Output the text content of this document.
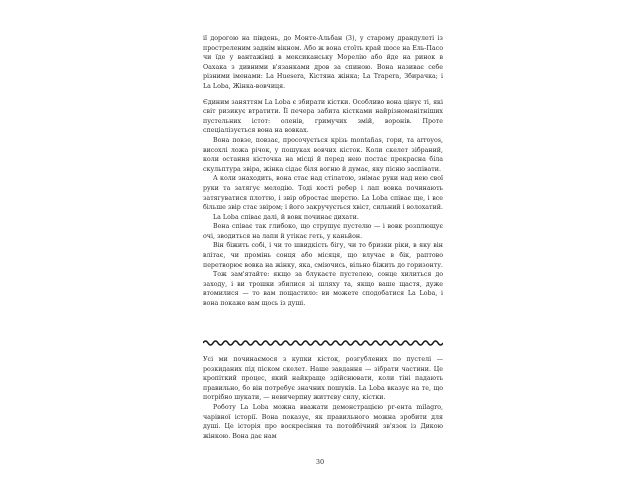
ії дорогою на південь, до Монте-Альбан (3), у старому драндулеті із простреленим заднім вікном. Або ж вона стоїть край шосе на Ель-Пасо чи їде у вантажівці в мексиканську Морелію або йде на ринок в Оахака з дивними в'язанками дров за спиною. Вона називає себе різними іменами: La Huesera, Кістяна жінка; La Trapera, Збирачка; і La Loba, Жінка-вовчиця.

Єдиним заняттям La Loba є збирати кістки. Особливо вона цінує ті, які світ ризикує втратити. Її печера забита кістками найрізноманітніших пустельних істот: оленів, гримучих змій, воронів. Проте спеціалізується вона на вовках.

Вона повзе, повзає, просочується крізь montañas, гори, та arroyos, висохлі ложа річок, у пошуках вовчих кісток. Коли скелет зібраний, коли остання кісточка на місці й перед нею постає прекрасна біла скульптура звіра, жінка сідає біля вогню й думає, яку пісню заспівати.

А коли знаходить, вона стає над стілатою, знімає руки над нею свої руки та затягує мелодію. Тоді кості ребер і лап вовка починають затягуватися плоттю, і звір обростає шерстю. La Loba співає ще, і все більше звір стає звіром; і його закручується хвіст, сильний і волохатий.

La Loba співає далі, й вовк починає дихати.

Вона співає так глибоко, що струшує пустелю — і вовк розплющує очі, зводиться на лапи й утікає геть, у каньйон.

Він біжить собі, і чи то швидкість бігу, чи то бризки ріки, в яку він влітає, чи промінь сонця або місяця, що влучає в бік, раптово перетворює вовка на жінку, яка, сміючись, вільно біжить до горизонту.

Тож зам'ятайте: якщо за блукаєте пустелею, сонце хилиться до заходу, і ви трошки збилися зі шляху та, якщо ваше щастя, дуже втомилися — то вам пощастило: ви можете сподобатися La Loba, і вона покаже вам щось із душі.

Усі ми починаємося з купки кісток, розгублених по пустелі — розкиданих під піском скелет. Наше завдання — зібрати частини. Це кропіткий процес, який найкраще здійснювати, коли тіні падають правильно, бо він потребує значних пошуків. La Loba вказує на те, що потрібно шукати, — невичерпну життєву силу, кістки.

Роботу La Loba можна вважати демонстрацією pr-ента milagro, чарівної історії. Вона показує, як правильного можна зробити для душі. Це історія про воскресіння та потойбічний зв'язок із Дикою жінкою. Вона дає нам

30
